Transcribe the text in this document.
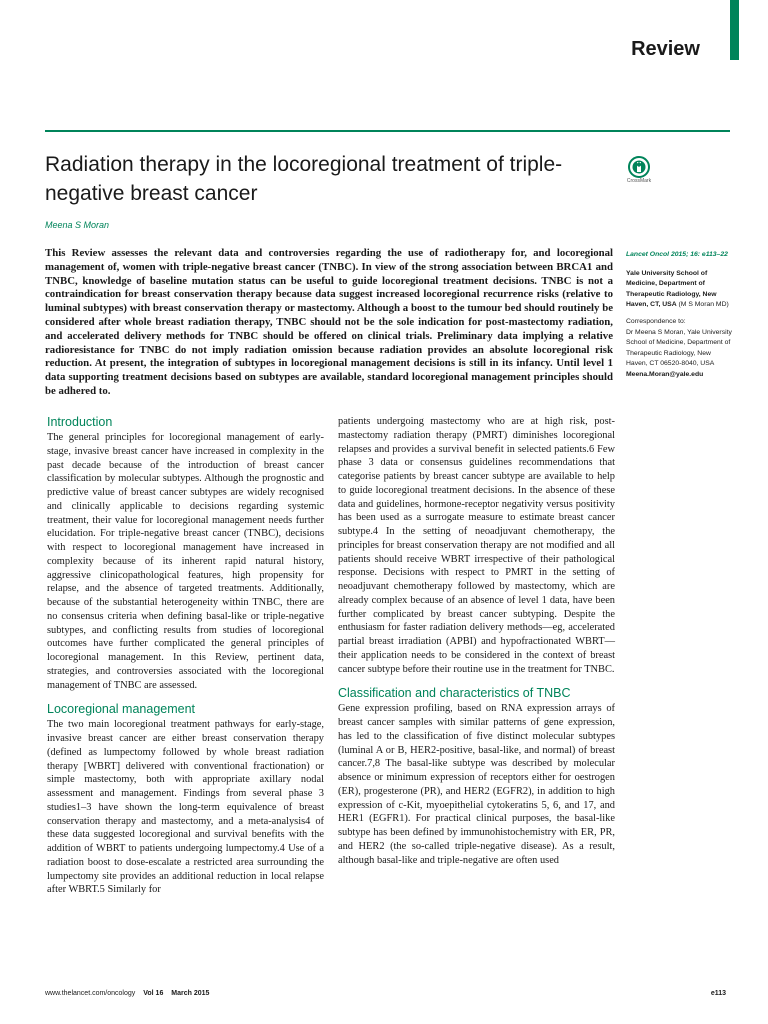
Review
Radiation therapy in the locoregional treatment of triple-negative breast cancer
CrossMark
Meena S Moran

This Review assesses the relevant data and controversies regarding the use of radiotherapy for, and locoregional management of, women with triple-negative breast cancer (TNBC). In view of the strong association between BRCA1 and TNBC, knowledge of baseline mutation status can be useful to guide locoregional treatment decisions. TNBC is not a contraindication for breast conservation therapy because data suggest increased locoregional recurrence risks (relative to luminal subtypes) with breast conservation therapy or mastectomy. Although a boost to the tumour bed should routinely be considered after whole breast radiation therapy, TNBC should not be the sole indication for post-mastectomy radiation, and accelerated delivery methods for TNBC should be offered on clinical trials. Preliminary data implying a relative radioresistance for TNBC do not imply radiation omission because radiation provides an absolute locoregional risk reduction. At present, the integration of subtypes in locoregional management decisions is still in its infancy. Until level 1 data supporting treatment decisions based on subtypes are available, standard locoregional management principles should be adhered to.

Lancet Oncol 2015; 16: e113–22

Yale University School of Medicine, Department of Therapeutic Radiology, New Haven, CT, USA (M S Moran MD)

Correspondence to:

Dr Meena S Moran, Yale University School of Medicine, Department of Therapeutic Radiology, New Haven, CT 06520-8040, USA

Meena.Moran@yale.edu

Introduction

The general principles for locoregional management of early-stage, invasive breast cancer have increased in complexity in the past decade because of the introduction of breast cancer classification by molecular subtypes. Although the prognostic and predictive value of breast cancer subtypes are widely recognised and clinically applicable to decisions regarding systemic treatment, their value for locoregional management needs further elucidation. For triple-negative breast cancer (TNBC), decisions with respect to locoregional management have increased in complexity because of its inherent rapid natural history, aggressive clinicopathological features, high propensity for relapse, and the absence of targeted treatments. Additionally, because of the substantial heterogeneity within TNBC, there are no consensus criteria when defining basal-like or triple-negative subtypes, and conflicting results from studies of locoregional outcomes have further complicated the general principles of locoregional management. In this Review, pertinent data, strategies, and controversies associated with the locoregional management of TNBC are assessed.

Locoregional management

The two main locoregional treatment pathways for early-stage, invasive breast cancer are either breast conservation therapy (defined as lumpectomy followed by whole breast radiation therapy [WBRT] delivered with conventional fractionation) or simple mastectomy, both with appropriate axillary nodal assessment and management. Findings from several phase 3 studies1–3 have shown the long-term equivalence of breast conservation therapy and mastectomy, and a meta-analysis4 of these data suggested locoregional and survival benefits with the addition of WBRT to patients undergoing lumpectomy.4 Use of a radiation boost to dose-escalate a restricted area surrounding the lumpectomy site provides an additional reduction in local relapse after WBRT.5 Similarly for

patients undergoing mastectomy who are at high risk, post-mastectomy radiation therapy (PMRT) diminishes locoregional relapses and provides a survival benefit in selected patients.6 Few phase 3 data or consensus guidelines recommendations that categorise patients by breast cancer subtype are available to help to guide locoregional treatment decisions. In the absence of these data and guidelines, hormone-receptor negativity versus positivity has been used as a surrogate measure to estimate breast cancer subtype.4 In the setting of neoadjuvant chemotherapy, the principles for breast conservation therapy are not modified and all patients should receive WBRT irrespective of their pathological response. Decisions with respect to PMRT in the setting of neoadjuvant chemotherapy followed by mastectomy, which are already complex because of an absence of level 1 data, have been further complicated by breast cancer subtyping. Despite the enthusiasm for faster radiation delivery methods—eg, accelerated partial breast irradiation (APBI) and hypofractionated WBRT—their application needs to be considered in the context of breast cancer subtype before their routine use in the treatment for TNBC.

Classification and characteristics of TNBC

Gene expression profiling, based on RNA expression arrays of breast cancer samples with similar patterns of gene expression, has led to the classification of five distinct molecular subtypes (luminal A or B, HER2-positive, basal-like, and normal) of breast cancer.7,8 The basal-like subtype was described by molecular absence or minimum expression of receptors either for oestrogen (ER), progesterone (PR), and HER2 (EGFR2), in addition to high expression of c-Kit, myoepithelial cytokeratins 5, 6, and 17, and HER1 (EGFR1). For practical clinical purposes, the basal-like subtype has been defined by immunohistochemistry with ER, PR, and HER2 (the so-called triple-negative disease). As a result, although basal-like and triple-negative are often used

www.thelancet.com/oncology Vol 16 March 2015	e113
